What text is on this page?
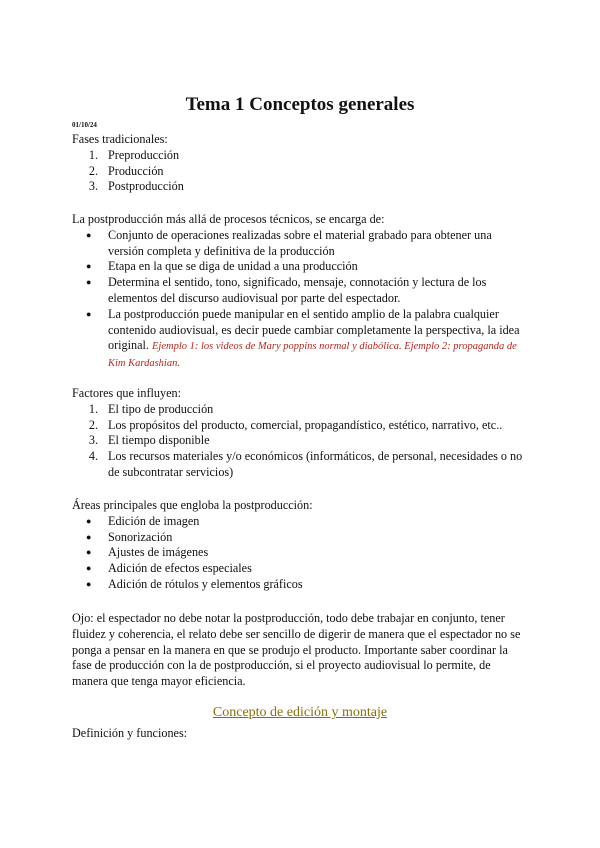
Tema 1 Conceptos generales
01/10/24

Fases tradicionales:

1. Preproducción
2. Producción
3. Postproducción

La postproducción más allá de procesos técnicos, se encarga de:

● Conjunto de operaciones realizadas sobre el material grabado para obtener una versión completa y definitiva de la producción
● Etapa en la que se diga de unidad a una producción
● Determina el sentido, tono, significado, mensaje, connotación y lectura de los elementos del discurso audiovisual por parte del espectador.
● La postproducción puede manipular en el sentido amplio de la palabra cualquier contenido audiovisual, es decir puede cambiar completamente la perspectiva, la idea original. Ejemplo 1: los videos de Mary poppins normal y diabólica. Ejemplo 2: propaganda de Kim Kardashian.

Factores que influyen:

1. El tipo de producción
2. Los propósitos del producto, comercial, propagandístico, estético, narrativo, etc..
3. El tiempo disponible
4. Los recursos materiales y/o económicos (informáticos, de personal, necesidades o no de subcontratar servicios)

Áreas principales que engloba la postproducción:

● Edición de imagen
● Sonorización
● Ajustes de imágenes
● Adición de efectos especiales
● Adición de rótulos y elementos gráficos

Ojo: el espectador no debe notar la postproducción, todo debe trabajar en conjunto, tener fluidez y coherencia, el relato debe ser sencillo de digerir de manera que el espectador no se ponga a pensar en la manera en que se produjo el producto. Importante saber coordinar la fase de producción con la de postproducción, si el proyecto audiovisual lo permite, de manera que tenga mayor eficiencia.

Concepto de edición y montaje

Definición y funciones:
